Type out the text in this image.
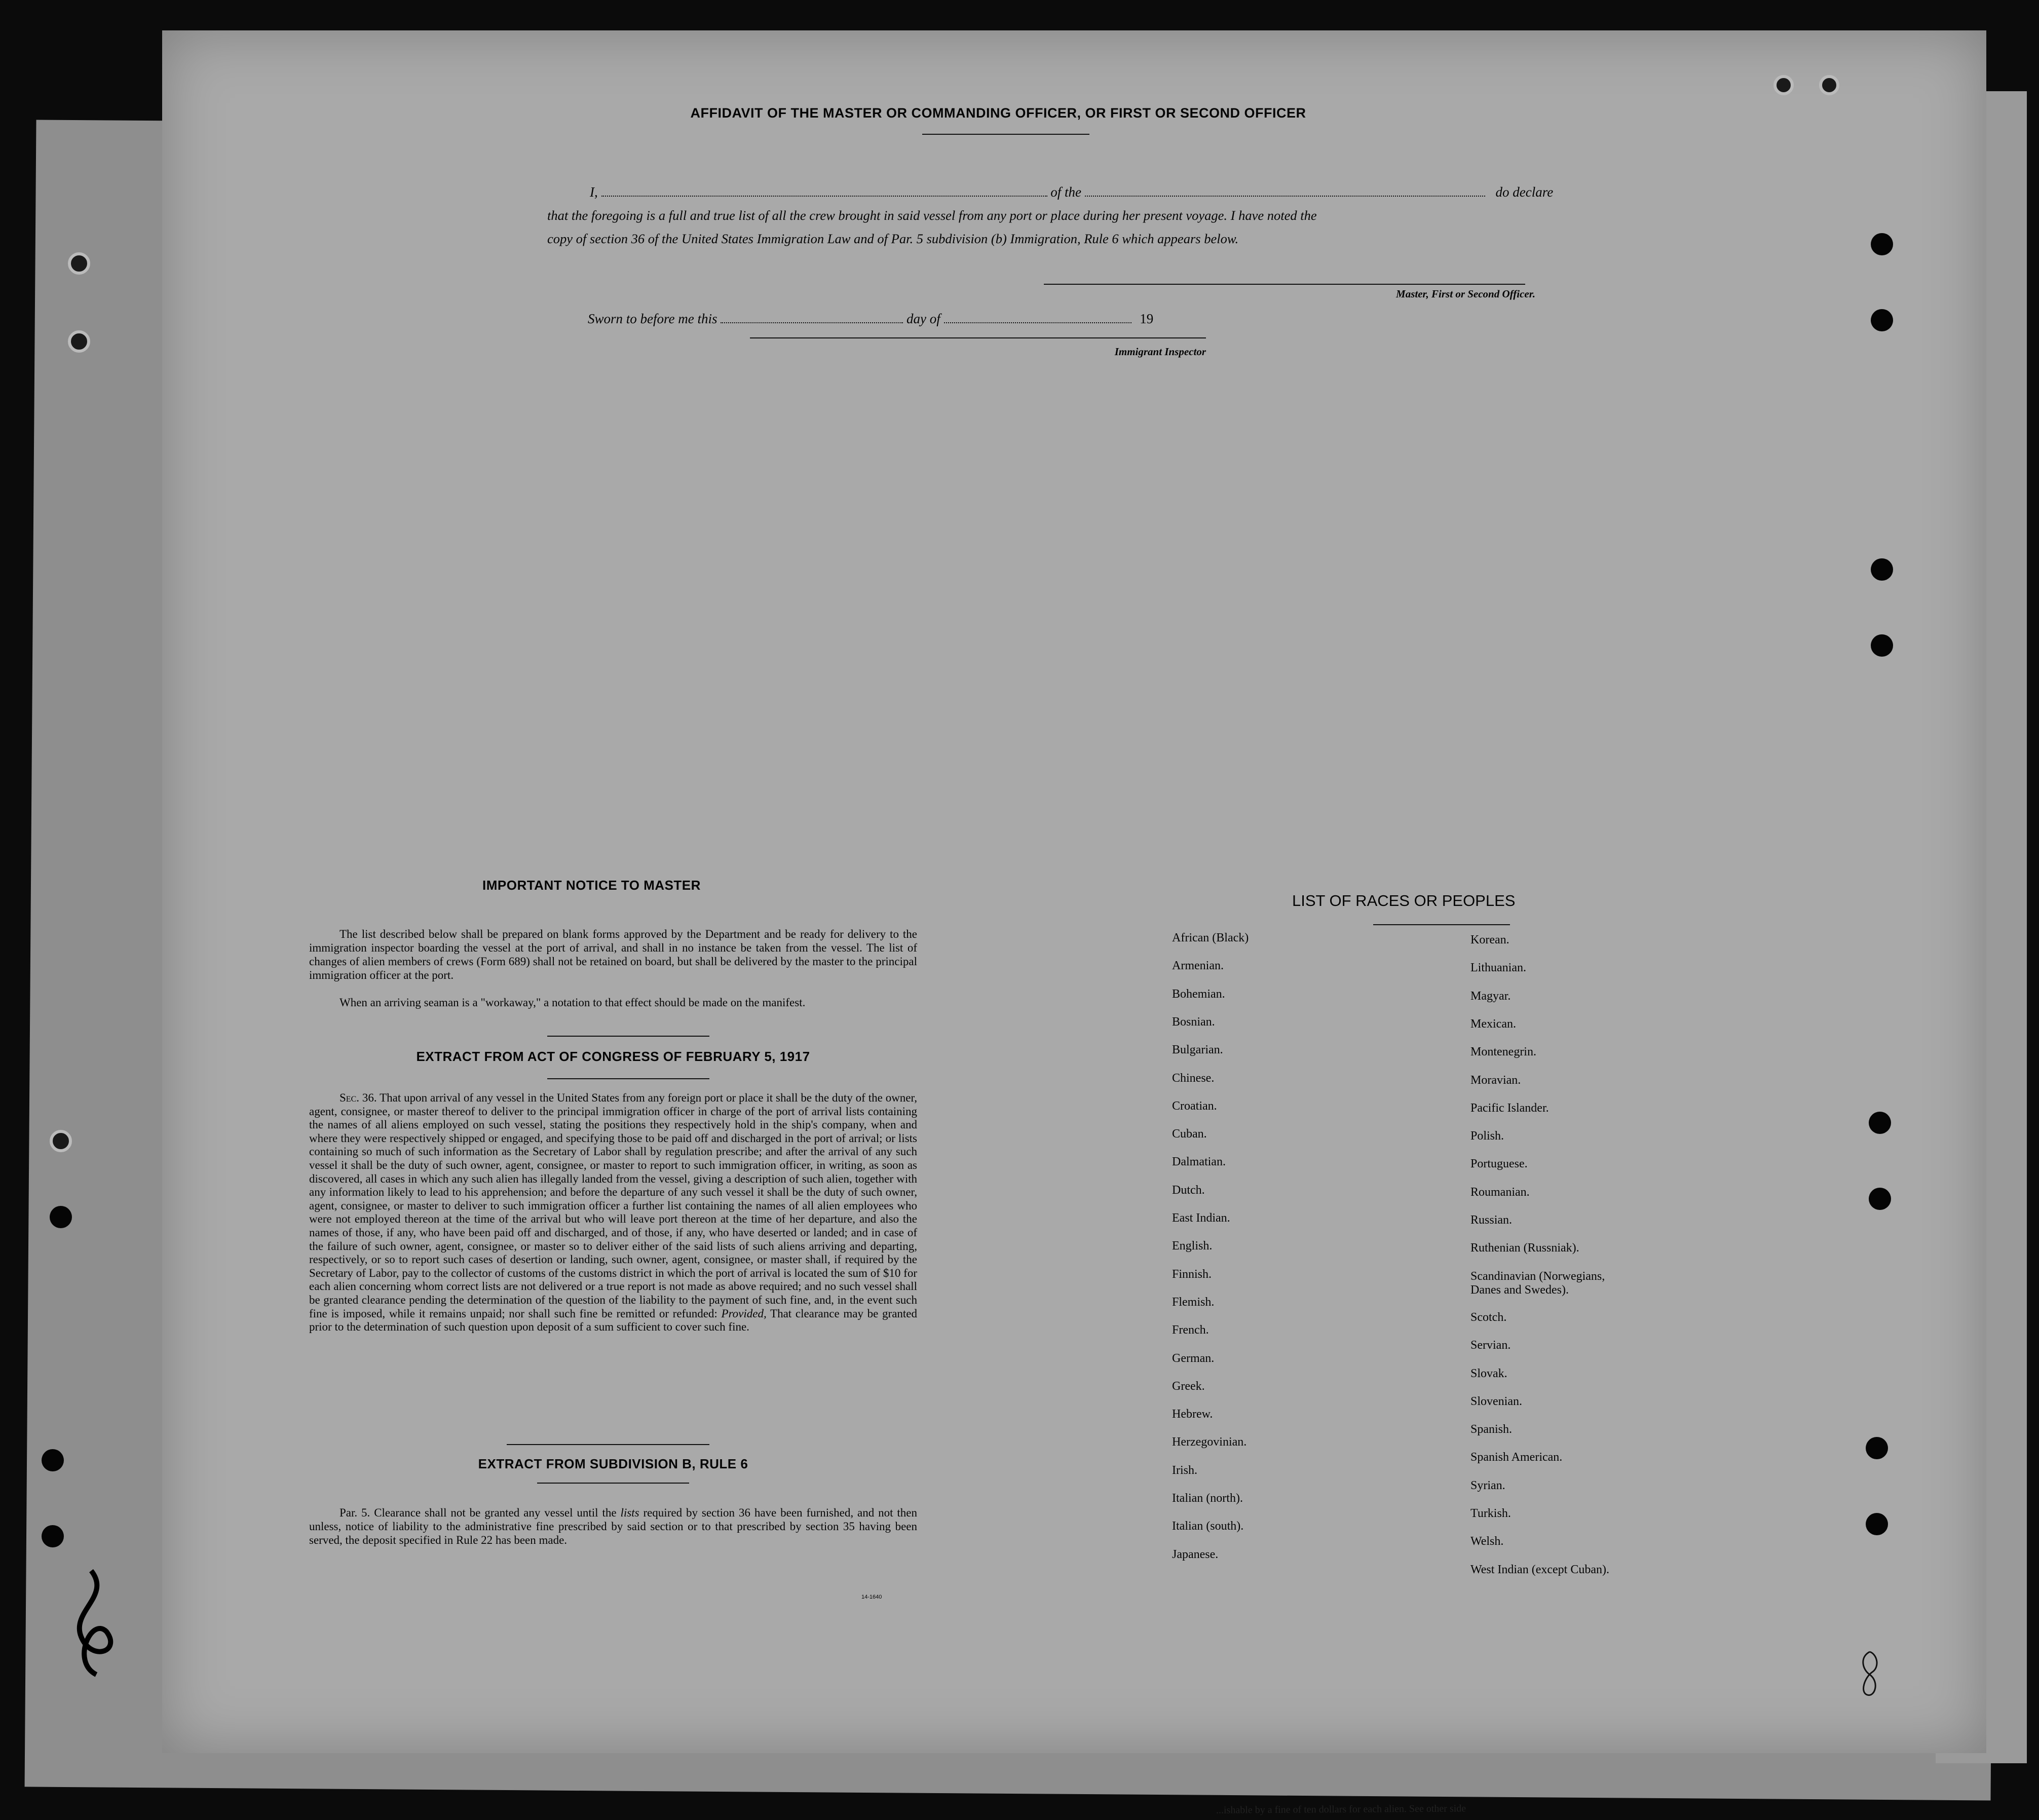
AFFIDAVIT OF THE MASTER OR COMMANDING OFFICER, OR FIRST OR SECOND OFFICER
I,	of the	do declare
that the foregoing is a full and true list of all the crew brought in said vessel from any port or place during her present voyage. I have noted the
copy of section 36 of the United States Immigration Law and of Par. 5 subdivision (b) Immigration, Rule 6 which appears below.
Master, First or Second Officer.
Sworn to before me this	day of	19
Immigrant Inspector
IMPORTANT NOTICE TO MASTER
The list described below shall be prepared on blank forms approved by the Department and be ready for delivery to the immigration inspector boarding the vessel at the port of arrival, and shall in no instance be taken from the vessel. The list of changes of alien members of crews (Form 689) shall not be retained on board, but shall be delivered by the master to the principal immigration officer at the port.
When an arriving seaman is a "workaway," a notation to that effect should be made on the manifest.
EXTRACT FROM ACT OF CONGRESS OF FEBRUARY 5, 1917
Sec. 36. That upon arrival of any vessel in the United States from any foreign port or place it shall be the duty of the owner, agent, consignee, or master thereof to deliver to the principal immigration officer in charge of the port of arrival lists containing the names of all aliens employed on such vessel, stating the positions they respectively hold in the ship's company, when and where they were respectively shipped or engaged, and specifying those to be paid off and discharged in the port of arrival; or lists containing so much of such information as the Secretary of Labor shall by regulation prescribe; and after the arrival of any such vessel it shall be the duty of such owner, agent, consignee, or master to report to such immigration officer, in writing, as soon as discovered, all cases in which any such alien has illegally landed from the vessel, giving a description of such alien, together with any information likely to lead to his apprehension; and before the departure of any such vessel it shall be the duty of such owner, agent, consignee, or master to deliver to such immigration officer a further list containing the names of all alien employees who were not employed thereon at the time of the arrival but who will leave port thereon at the time of her departure, and also the names of those, if any, who have been paid off and discharged, and of those, if any, who have deserted or landed; and in case of the failure of such owner, agent, consignee, or master so to deliver either of the said lists of such aliens arriving and departing, respectively, or so to report such cases of desertion or landing, such owner, agent, consignee, or master shall, if required by the Secretary of Labor, pay to the collector of customs of the customs district in which the port of arrival is located the sum of $10 for each alien concerning whom correct lists are not delivered or a true report is not made as above required; and no such vessel shall be granted clearance pending the determination of the question of the liability to the payment of such fine, and, in the event such fine is imposed, while it remains unpaid; nor shall such fine be remitted or refunded: Provided, That clearance may be granted prior to the determination of such question upon deposit of a sum sufficient to cover such fine.
EXTRACT FROM SUBDIVISION B, RULE 6
Par. 5. Clearance shall not be granted any vessel until the lists required by section 36 have been furnished, and not then unless, notice of liability to the administrative fine prescribed by said section or to that prescribed by section 35 having been served, the deposit specified in Rule 22 has been made.
14-1640
LIST OF RACES OR PEOPLES
African (Black)
Armenian.
Bohemian.
Bosnian.
Bulgarian.
Chinese.
Croatian.
Cuban.
Dalmatian.
Dutch.
East Indian.
English.
Finnish.
Flemish.
French.
German.
Greek.
Hebrew.
Herzegovinian.
Irish.
Italian (north).
Italian (south).
Japanese.
Korean.
Lithuanian.
Magyar.
Mexican.
Montenegrin.
Moravian.
Pacific Islander.
Polish.
Portuguese.
Roumanian.
Russian.
Ruthenian (Russniak).
Scandinavian (Norwegians,
Danes and Swedes).
Scotch.
Servian.
Slovak.
Slovenian.
Spanish.
Spanish American.
Syrian.
Turkish.
Welsh.
West Indian (except Cuban).
...ishable by a fine of ten dollars for each alien. See other side
